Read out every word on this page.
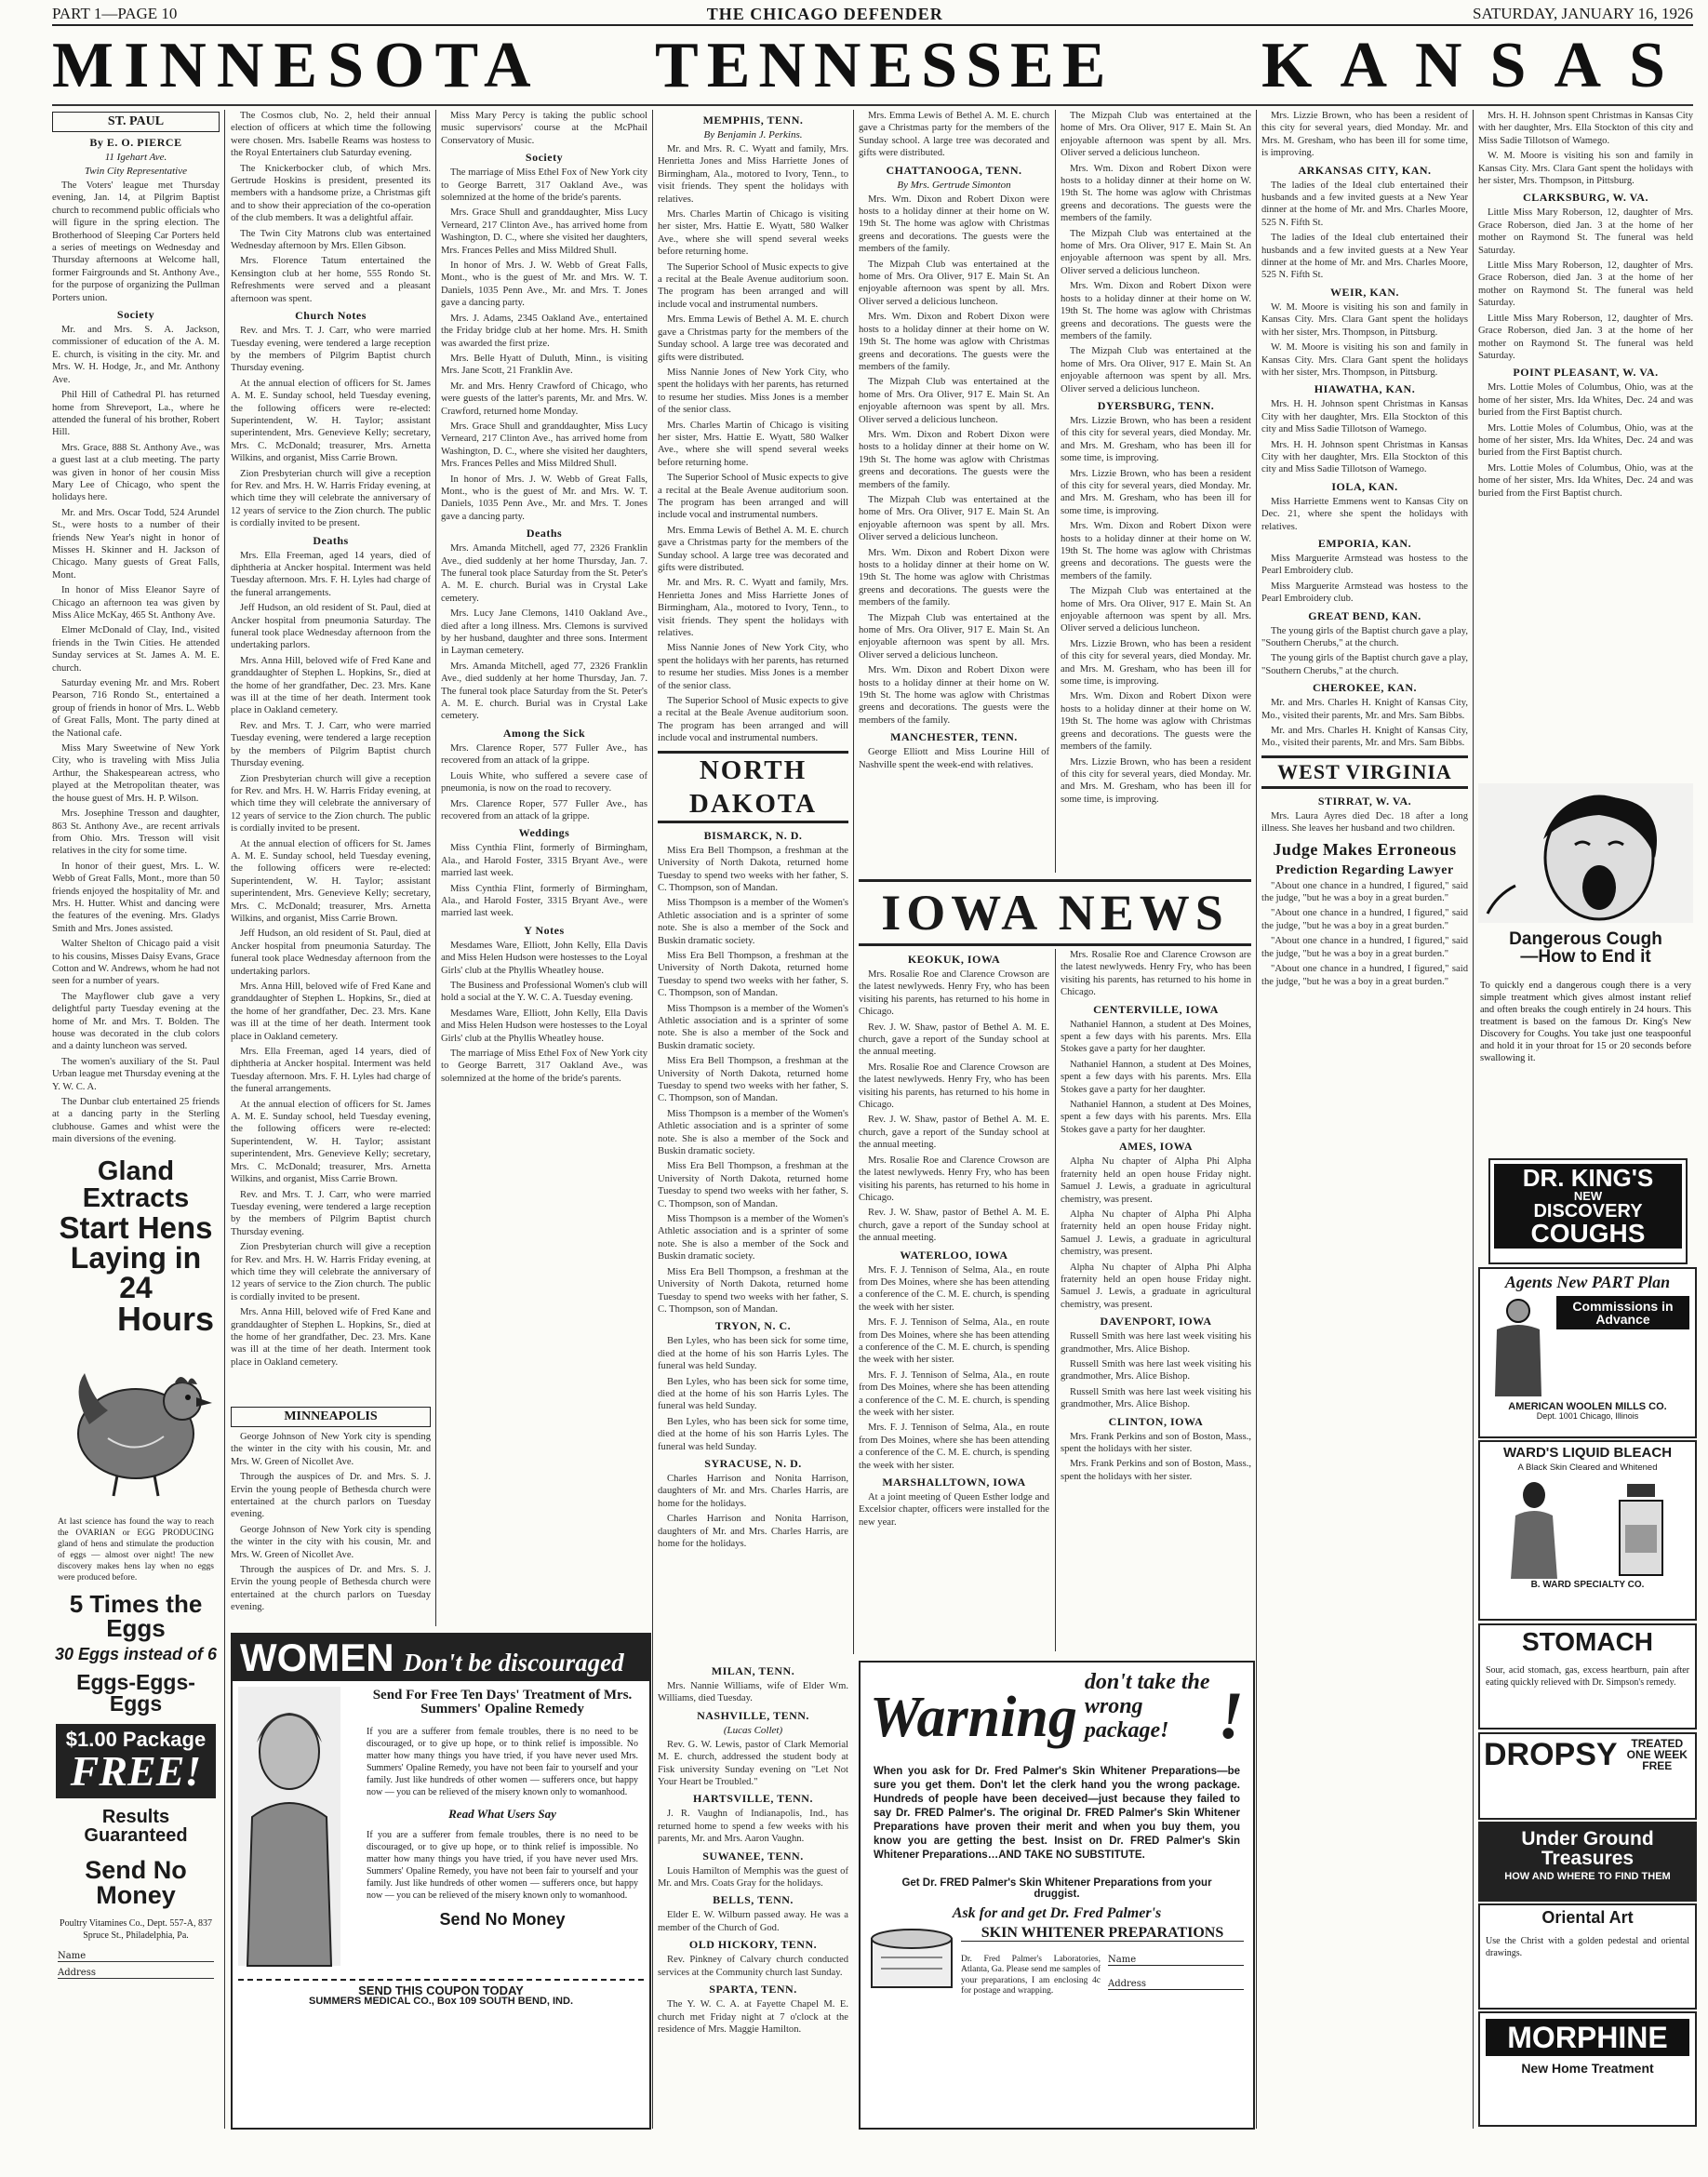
PART 1—PAGE 10	THE CHICAGO DEFENDER	SATURDAY, JANUARY 16, 1926
MINNESOTA TENNESSEE KANSAS
ST. PAUL
By E. O. PIERCE
11 Igehart Ave.
Twin City Representative

The Voters' league met Thursday evening, Jan. 14, at Pilgrim Baptist church to recommend public officials who will figure in the spring election. The Brotherhood of Sleeping Car Porters held a series of meetings on Wednesday and Thursday afternoons at Welcome hall, former Fairgrounds and St. Anthony Ave., for the purpose of organizing the Pullman Porters union.

Society

Mr. and Mrs. S. A. Jackson, commissioner of education of the A. M. E. church, is visiting in the city. Mr. and Mrs. W. H. Hodge, Jr., and Mr. Anthony Ave.

Phil Hill of Cathedral Pl. has returned home from Shreveport, La., where he attended the funeral of his brother, Robert Hill.

Mrs. Grace, 888 St. Anthony Ave., was a guest last at a club meeting. The party was given in honor of her cousin Miss Mary Lee of Chicago, who spent the holidays here.

Mr. and Mrs. Oscar Todd, 524 Arundel St., were hosts to a number of their friends New Year's night in honor of Misses H. Skinner and H. Jackson of Chicago. Many guests of Great Falls, Mont.

In honor of Miss Eleanor Sayre of Chicago an afternoon tea was given by Miss Alice McKay, 465 St. Anthony Ave.

Elmer McDonald of Clay, Ind., visited friends in the Twin Cities. He attended Sunday services at St. James A. M. E. church.

Saturday evening Mr. and Mrs. Robert Pearson, 716 Rondo St., entertained a group of friends in honor of Mrs. L. Webb of Great Falls, Mont. The party dined at the National cafe.

Miss Mary Sweetwine of New York City, who is traveling with Miss Julia Arthur, the Shakespearean actress, who played at the Metropolitan theater, was the house guest of Mrs. H. P. Wilson.

Mrs. Josephine Tresson and daughter, 863 St. Anthony Ave., are recent arrivals from Ohio. Mrs. Tresson will visit relatives in the city for some time.

In honor of their guest, Mrs. L. W. Webb of Great Falls, Mont., more than 50 friends enjoyed the hospitality of Mr. and Mrs. H. Hutter. Whist and dancing were the features of the evening. Mrs. Gladys Smith and Mrs. Jones assisted.

Walter Shelton of Chicago paid a visit to his cousins, Misses Daisy Evans, Grace Cotton and W. Andrews, whom he had not seen for a number of years.

The Mayflower club gave a very delightful party Tuesday evening at the home of Mr. and Mrs. T. Bolden. The house was decorated in the club colors and a dainty luncheon was served.

The women's auxiliary of the St. Paul Urban league met Thursday evening at the Y. W. C. A.

The Dunbar club entertained 25 friends at a dancing party in the Sterling clubhouse. Games and whist were the main diversions of the evening.

Gland Extracts
Start Hens
Laying in 24
Hours

At last science has found the way to reach the OVARIAN or EGG PRODUCING gland of hens and stimulate the production of eggs — almost over night! The new discovery makes hens lay when no eggs were produced before.

5 Times the Eggs
30 Eggs instead of 6
Eggs-Eggs-Eggs
$1.00 Package
FREE!
Results Guaranteed
Send No Money

Poultry Vitamines Co., Dept. 557-A, 837 Spruce St., Philadelphia, Pa.

Name
Address

The Cosmos club, No. 2, held their annual election of officers at which time the following were chosen. Mrs. Isabelle Reams was hostess to the Royal Entertainers club Saturday evening.

The Knickerbocker club, of which Mrs. Gertrude Hoskins is president, presented its members with a handsome prize, a Christmas gift and to show their appreciation of the co-operation of the club members. It was a delightful affair.

The Twin City Matrons club was entertained Wednesday afternoon by Mrs. Ellen Gibson.

Mrs. Florence Tatum entertained the Kensington club at her home, 555 Rondo St. Refreshments were served and a pleasant afternoon was spent.

Church Notes

Rev. and Mrs. T. J. Carr, who were married Tuesday evening, were tendered a large reception by the members of Pilgrim Baptist church Thursday evening.

At the annual election of officers for St. James A. M. E. Sunday school, held Tuesday evening, the following officers were re-elected: Superintendent, W. H. Taylor; assistant superintendent, Mrs. Genevieve Kelly; secretary, Mrs. C. McDonald; treasurer, Mrs. Arnetta Wilkins, and organist, Miss Carrie Brown.

Zion Presbyterian church will give a reception for Rev. and Mrs. H. W. Harris Friday evening, at which time they will celebrate the anniversary of 12 years of service to the Zion church. The public is cordially invited to be present.

Deaths

Mrs. Ella Freeman, aged 14 years, died of diphtheria at Ancker hospital. Interment was held Tuesday afternoon. Mrs. F. H. Lyles had charge of the funeral arrangements.

Jeff Hudson, an old resident of St. Paul, died at Ancker hospital from pneumonia Saturday. The funeral took place Wednesday afternoon from the undertaking parlors.

Mrs. Anna Hill, beloved wife of Fred Kane and granddaughter of Stephen L. Hopkins, Sr., died at the home of her grandfather, Dec. 23. Mrs. Kane was ill at the time of her death. Interment took place in Oakland cemetery.

Rev. and Mrs. T. J. Carr, who were married Tuesday evening, were tendered a large reception by the members of Pilgrim Baptist church Thursday evening.

Zion Presbyterian church will give a reception for Rev. and Mrs. H. W. Harris Friday evening, at which time they will celebrate the anniversary of 12 years of service to the Zion church. The public is cordially invited to be present.

At the annual election of officers for St. James A. M. E. Sunday school, held Tuesday evening, the following officers were re-elected: Superintendent, W. H. Taylor; assistant superintendent, Mrs. Genevieve Kelly; secretary, Mrs. C. McDonald; treasurer, Mrs. Arnetta Wilkins, and organist, Miss Carrie Brown.

Jeff Hudson, an old resident of St. Paul, died at Ancker hospital from pneumonia Saturday. The funeral took place Wednesday afternoon from the undertaking parlors.

Mrs. Anna Hill, beloved wife of Fred Kane and granddaughter of Stephen L. Hopkins, Sr., died at the home of her grandfather, Dec. 23. Mrs. Kane was ill at the time of her death. Interment took place in Oakland cemetery.

Mrs. Ella Freeman, aged 14 years, died of diphtheria at Ancker hospital. Interment was held Tuesday afternoon. Mrs. F. H. Lyles had charge of the funeral arrangements.

At the annual election of officers for St. James A. M. E. Sunday school, held Tuesday evening, the following officers were re-elected: Superintendent, W. H. Taylor; assistant superintendent, Mrs. Genevieve Kelly; secretary, Mrs. C. McDonald; treasurer, Mrs. Arnetta Wilkins, and organist, Miss Carrie Brown.

Rev. and Mrs. T. J. Carr, who were married Tuesday evening, were tendered a large reception by the members of Pilgrim Baptist church Thursday evening.

Zion Presbyterian church will give a reception for Rev. and Mrs. H. W. Harris Friday evening, at which time they will celebrate the anniversary of 12 years of service to the Zion church. The public is cordially invited to be present.

Mrs. Anna Hill, beloved wife of Fred Kane and granddaughter of Stephen L. Hopkins, Sr., died at the home of her grandfather, Dec. 23. Mrs. Kane was ill at the time of her death. Interment took place in Oakland cemetery.

MINNEAPOLIS

George Johnson of New York city is spending the winter in the city with his cousin, Mr. and Mrs. W. Green of Nicollet Ave.

Through the auspices of Dr. and Mrs. S. J. Ervin the young people of Bethesda church were entertained at the church parlors on Tuesday evening.

George Johnson of New York city is spending the winter in the city with his cousin, Mr. and Mrs. W. Green of Nicollet Ave.

Through the auspices of Dr. and Mrs. S. J. Ervin the young people of Bethesda church were entertained at the church parlors on Tuesday evening.

WOMEN Don't be discouraged
Send For Free Ten Days' Treatment of Mrs. Summers' Opaline Remedy

If you are a sufferer from female troubles, there is no need to be discouraged, or to give up hope, or to think relief is impossible. No matter how many things you have tried, if you have never used Mrs. Summers' Opaline Remedy, you have not been fair to yourself and your family. Just like hundreds of other women — sufferers once, but happy now — you can be relieved of the misery known only to womanhood.

Read What Users Say

If you are a sufferer from female troubles, there is no need to be discouraged, or to give up hope, or to think relief is impossible. No matter how many things you have tried, if you have never used Mrs. Summers' Opaline Remedy, you have not been fair to yourself and your family. Just like hundreds of other women — sufferers once, but happy now — you can be relieved of the misery known only to womanhood.

Send No Money
SEND THIS COUPON TODAY
SUMMERS MEDICAL CO., Box 109 SOUTH BEND, IND.

Miss Mary Percy is taking the public school music supervisors' course at the McPhail Conservatory of Music.

Society

The marriage of Miss Ethel Fox of New York city to George Barrett, 317 Oakland Ave., was solemnized at the home of the bride's parents.

Mrs. Grace Shull and granddaughter, Miss Lucy Verneard, 217 Clinton Ave., has arrived home from Washington, D. C., where she visited her daughters, Mrs. Frances Pelles and Miss Mildred Shull.

In honor of Mrs. J. W. Webb of Great Falls, Mont., who is the guest of Mr. and Mrs. W. T. Daniels, 1035 Penn Ave., Mr. and Mrs. T. Jones gave a dancing party.

Mrs. J. Adams, 2345 Oakland Ave., entertained the Friday bridge club at her home. Mrs. H. Smith was awarded the first prize.

Mrs. Belle Hyatt of Duluth, Minn., is visiting Mrs. Jane Scott, 21 Franklin Ave.

Mr. and Mrs. Henry Crawford of Chicago, who were guests of the latter's parents, Mr. and Mrs. W. Crawford, returned home Monday.

Mrs. Grace Shull and granddaughter, Miss Lucy Verneard, 217 Clinton Ave., has arrived home from Washington, D. C., where she visited her daughters, Mrs. Frances Pelles and Miss Mildred Shull.

In honor of Mrs. J. W. Webb of Great Falls, Mont., who is the guest of Mr. and Mrs. W. T. Daniels, 1035 Penn Ave., Mr. and Mrs. T. Jones gave a dancing party.

Deaths

Mrs. Amanda Mitchell, aged 77, 2326 Franklin Ave., died suddenly at her home Thursday, Jan. 7. The funeral took place Saturday from the St. Peter's A. M. E. church. Burial was in Crystal Lake cemetery.

Mrs. Lucy Jane Clemons, 1410 Oakland Ave., died after a long illness. Mrs. Clemons is survived by her husband, daughter and three sons. Interment in Layman cemetery.

Mrs. Amanda Mitchell, aged 77, 2326 Franklin Ave., died suddenly at her home Thursday, Jan. 7. The funeral took place Saturday from the St. Peter's A. M. E. church. Burial was in Crystal Lake cemetery.

Among the Sick

Mrs. Clarence Roper, 577 Fuller Ave., has recovered from an attack of la grippe.

Louis White, who suffered a severe case of pneumonia, is now on the road to recovery.

Mrs. Clarence Roper, 577 Fuller Ave., has recovered from an attack of la grippe.

Weddings

Miss Cynthia Flint, formerly of Birmingham, Ala., and Harold Foster, 3315 Bryant Ave., were married last week.

Miss Cynthia Flint, formerly of Birmingham, Ala., and Harold Foster, 3315 Bryant Ave., were married last week.

Y Notes

Mesdames Ware, Elliott, John Kelly, Ella Davis and Miss Helen Hudson were hostesses to the Loyal Girls' club at the Phyllis Wheatley house.

The Business and Professional Women's club will hold a social at the Y. W. C. A. Tuesday evening.

Mesdames Ware, Elliott, John Kelly, Ella Davis and Miss Helen Hudson were hostesses to the Loyal Girls' club at the Phyllis Wheatley house.

The marriage of Miss Ethel Fox of New York city to George Barrett, 317 Oakland Ave., was solemnized at the home of the bride's parents.

MEMPHIS, TENN.
By Benjamin J. Perkins.

Mr. and Mrs. R. C. Wyatt and family, Mrs. Henrietta Jones and Miss Harriette Jones of Birmingham, Ala., motored to Ivory, Tenn., to visit friends. They spent the holidays with relatives.

Mrs. Charles Martin of Chicago is visiting her sister, Mrs. Hattie E. Wyatt, 580 Walker Ave., where she will spend several weeks before returning home.

The Superior School of Music expects to give a recital at the Beale Avenue auditorium soon. The program has been arranged and will include vocal and instrumental numbers.

Mrs. Emma Lewis of Bethel A. M. E. church gave a Christmas party for the members of the Sunday school. A large tree was decorated and gifts were distributed.

Miss Nannie Jones of New York City, who spent the holidays with her parents, has returned to resume her studies. Miss Jones is a member of the senior class.

Mrs. Charles Martin of Chicago is visiting her sister, Mrs. Hattie E. Wyatt, 580 Walker Ave., where she will spend several weeks before returning home.

The Superior School of Music expects to give a recital at the Beale Avenue auditorium soon. The program has been arranged and will include vocal and instrumental numbers.

Mrs. Emma Lewis of Bethel A. M. E. church gave a Christmas party for the members of the Sunday school. A large tree was decorated and gifts were distributed.

Mr. and Mrs. R. C. Wyatt and family, Mrs. Henrietta Jones and Miss Harriette Jones of Birmingham, Ala., motored to Ivory, Tenn., to visit friends. They spent the holidays with relatives.

Miss Nannie Jones of New York City, who spent the holidays with her parents, has returned to resume her studies. Miss Jones is a member of the senior class.

The Superior School of Music expects to give a recital at the Beale Avenue auditorium soon. The program has been arranged and will include vocal and instrumental numbers.

NORTH DAKOTA
BISMARCK, N. D.

Miss Era Bell Thompson, a freshman at the University of North Dakota, returned home Tuesday to spend two weeks with her father, S. C. Thompson, son of Mandan.

Miss Thompson is a member of the Women's Athletic association and is a sprinter of some note. She is also a member of the Sock and Buskin dramatic society.

Miss Era Bell Thompson, a freshman at the University of North Dakota, returned home Tuesday to spend two weeks with her father, S. C. Thompson, son of Mandan.

Miss Thompson is a member of the Women's Athletic association and is a sprinter of some note. She is also a member of the Sock and Buskin dramatic society.

Miss Era Bell Thompson, a freshman at the University of North Dakota, returned home Tuesday to spend two weeks with her father, S. C. Thompson, son of Mandan.

Miss Thompson is a member of the Women's Athletic association and is a sprinter of some note. She is also a member of the Sock and Buskin dramatic society.

Miss Era Bell Thompson, a freshman at the University of North Dakota, returned home Tuesday to spend two weeks with her father, S. C. Thompson, son of Mandan.

Miss Thompson is a member of the Women's Athletic association and is a sprinter of some note. She is also a member of the Sock and Buskin dramatic society.

Miss Era Bell Thompson, a freshman at the University of North Dakota, returned home Tuesday to spend two weeks with her father, S. C. Thompson, son of Mandan.

TRYON, N. C.

Ben Lyles, who has been sick for some time, died at the home of his son Harris Lyles. The funeral was held Sunday.

Ben Lyles, who has been sick for some time, died at the home of his son Harris Lyles. The funeral was held Sunday.

Ben Lyles, who has been sick for some time, died at the home of his son Harris Lyles. The funeral was held Sunday.

SYRACUSE, N. D.

Charles Harrison and Nonita Harrison, daughters of Mr. and Mrs. Charles Harris, are home for the holidays.

Charles Harrison and Nonita Harrison, daughters of Mr. and Mrs. Charles Harris, are home for the holidays.

Mrs. Emma Lewis of Bethel A. M. E. church gave a Christmas party for the members of the Sunday school. A large tree was decorated and gifts were distributed.

CHATTANOOGA, TENN.
By Mrs. Gertrude Simonton

Mrs. Wm. Dixon and Robert Dixon were hosts to a holiday dinner at their home on W. 19th St. The home was aglow with Christmas greens and decorations. The guests were the members of the family.

The Mizpah Club was entertained at the home of Mrs. Ora Oliver, 917 E. Main St. An enjoyable afternoon was spent by all. Mrs. Oliver served a delicious luncheon.

Mrs. Wm. Dixon and Robert Dixon were hosts to a holiday dinner at their home on W. 19th St. The home was aglow with Christmas greens and decorations. The guests were the members of the family.

The Mizpah Club was entertained at the home of Mrs. Ora Oliver, 917 E. Main St. An enjoyable afternoon was spent by all. Mrs. Oliver served a delicious luncheon.

Mrs. Wm. Dixon and Robert Dixon were hosts to a holiday dinner at their home on W. 19th St. The home was aglow with Christmas greens and decorations. The guests were the members of the family.

The Mizpah Club was entertained at the home of Mrs. Ora Oliver, 917 E. Main St. An enjoyable afternoon was spent by all. Mrs. Oliver served a delicious luncheon.

Mrs. Wm. Dixon and Robert Dixon were hosts to a holiday dinner at their home on W. 19th St. The home was aglow with Christmas greens and decorations. The guests were the members of the family.

The Mizpah Club was entertained at the home of Mrs. Ora Oliver, 917 E. Main St. An enjoyable afternoon was spent by all. Mrs. Oliver served a delicious luncheon.

Mrs. Wm. Dixon and Robert Dixon were hosts to a holiday dinner at their home on W. 19th St. The home was aglow with Christmas greens and decorations. The guests were the members of the family.

MANCHESTER, TENN.

George Elliott and Miss Lourine Hill of Nashville spent the week-end with relatives.

The Mizpah Club was entertained at the home of Mrs. Ora Oliver, 917 E. Main St. An enjoyable afternoon was spent by all. Mrs. Oliver served a delicious luncheon.

Mrs. Wm. Dixon and Robert Dixon were hosts to a holiday dinner at their home on W. 19th St. The home was aglow with Christmas greens and decorations. The guests were the members of the family.

The Mizpah Club was entertained at the home of Mrs. Ora Oliver, 917 E. Main St. An enjoyable afternoon was spent by all. Mrs. Oliver served a delicious luncheon.

Mrs. Wm. Dixon and Robert Dixon were hosts to a holiday dinner at their home on W. 19th St. The home was aglow with Christmas greens and decorations. The guests were the members of the family.

The Mizpah Club was entertained at the home of Mrs. Ora Oliver, 917 E. Main St. An enjoyable afternoon was spent by all. Mrs. Oliver served a delicious luncheon.

DYERSBURG, TENN.

Mrs. Lizzie Brown, who has been a resident of this city for several years, died Monday. Mr. and Mrs. M. Gresham, who has been ill for some time, is improving.

Mrs. Lizzie Brown, who has been a resident of this city for several years, died Monday. Mr. and Mrs. M. Gresham, who has been ill for some time, is improving.

Mrs. Wm. Dixon and Robert Dixon were hosts to a holiday dinner at their home on W. 19th St. The home was aglow with Christmas greens and decorations. The guests were the members of the family.

The Mizpah Club was entertained at the home of Mrs. Ora Oliver, 917 E. Main St. An enjoyable afternoon was spent by all. Mrs. Oliver served a delicious luncheon.

Mrs. Lizzie Brown, who has been a resident of this city for several years, died Monday. Mr. and Mrs. M. Gresham, who has been ill for some time, is improving.

Mrs. Wm. Dixon and Robert Dixon were hosts to a holiday dinner at their home on W. 19th St. The home was aglow with Christmas greens and decorations. The guests were the members of the family.

Mrs. Lizzie Brown, who has been a resident of this city for several years, died Monday. Mr. and Mrs. M. Gresham, who has been ill for some time, is improving.

IOWA NEWS
KEOKUK, IOWA

Mrs. Rosalie Roe and Clarence Crowson are the latest newlyweds. Henry Fry, who has been visiting his parents, has returned to his home in Chicago.

Rev. J. W. Shaw, pastor of Bethel A. M. E. church, gave a report of the Sunday school at the annual meeting.

Mrs. Rosalie Roe and Clarence Crowson are the latest newlyweds. Henry Fry, who has been visiting his parents, has returned to his home in Chicago.

Rev. J. W. Shaw, pastor of Bethel A. M. E. church, gave a report of the Sunday school at the annual meeting.

Mrs. Rosalie Roe and Clarence Crowson are the latest newlyweds. Henry Fry, who has been visiting his parents, has returned to his home in Chicago.

Rev. J. W. Shaw, pastor of Bethel A. M. E. church, gave a report of the Sunday school at the annual meeting.

WATERLOO, IOWA

Mrs. F. J. Tennison of Selma, Ala., en route from Des Moines, where she has been attending a conference of the C. M. E. church, is spending the week with her sister.

Mrs. F. J. Tennison of Selma, Ala., en route from Des Moines, where she has been attending a conference of the C. M. E. church, is spending the week with her sister.

Mrs. F. J. Tennison of Selma, Ala., en route from Des Moines, where she has been attending a conference of the C. M. E. church, is spending the week with her sister.

Mrs. F. J. Tennison of Selma, Ala., en route from Des Moines, where she has been attending a conference of the C. M. E. church, is spending the week with her sister.

MARSHALLTOWN, IOWA

At a joint meeting of Queen Esther lodge and Excelsior chapter, officers were installed for the new year.

Mrs. Rosalie Roe and Clarence Crowson are the latest newlyweds. Henry Fry, who has been visiting his parents, has returned to his home in Chicago.

CENTERVILLE, IOWA

Nathaniel Hannon, a student at Des Moines, spent a few days with his parents. Mrs. Ella Stokes gave a party for her daughter.

Nathaniel Hannon, a student at Des Moines, spent a few days with his parents. Mrs. Ella Stokes gave a party for her daughter.

Nathaniel Hannon, a student at Des Moines, spent a few days with his parents. Mrs. Ella Stokes gave a party for her daughter.

AMES, IOWA

Alpha Nu chapter of Alpha Phi Alpha fraternity held an open house Friday night. Samuel J. Lewis, a graduate in agricultural chemistry, was present.

Alpha Nu chapter of Alpha Phi Alpha fraternity held an open house Friday night. Samuel J. Lewis, a graduate in agricultural chemistry, was present.

Alpha Nu chapter of Alpha Phi Alpha fraternity held an open house Friday night. Samuel J. Lewis, a graduate in agricultural chemistry, was present.

DAVENPORT, IOWA

Russell Smith was here last week visiting his grandmother, Mrs. Alice Bishop.

Russell Smith was here last week visiting his grandmother, Mrs. Alice Bishop.

Russell Smith was here last week visiting his grandmother, Mrs. Alice Bishop.

CLINTON, IOWA

Mrs. Frank Perkins and son of Boston, Mass., spent the holidays with her sister.

Mrs. Frank Perkins and son of Boston, Mass., spent the holidays with her sister.

Warning
don't take the
wrong package! !

When you ask for Dr. Fred Palmer's Skin Whitener Preparations—be sure you get them. Don't let the clerk hand you the wrong package. Hundreds of people have been deceived—just because they failed to say Dr. FRED Palmer's. The original Dr. FRED Palmer's Skin Whitener Preparations have proven their merit and when you buy them, you know you are getting the best. Insist on Dr. FRED Palmer's Skin Whitener Preparations…AND TAKE NO SUBSTITUTE.

Get Dr. FRED Palmer's Skin Whitener Preparations from your druggist.
Ask for and get Dr. Fred Palmer's
SKIN WHITENER PREPARATIONS

Dr. Fred Palmer's Laboratories, Atlanta, Ga. Please send me samples of your preparations, I am enclosing 4c for postage and wrapping.

Name
Address
MILAN, TENN.

Mrs. Nannie Williams, wife of Elder Wm. Williams, died Tuesday.

NASHVILLE, TENN.
(Lucas Collet)

Rev. G. W. Lewis, pastor of Clark Memorial M. E. church, addressed the student body at Fisk university Sunday evening on "Let Not Your Heart be Troubled."

HARTSVILLE, TENN.

J. R. Vaughn of Indianapolis, Ind., has returned home to spend a few weeks with his parents, Mr. and Mrs. Aaron Vaughn.

SUWANEE, TENN.

Louis Hamilton of Memphis was the guest of Mr. and Mrs. Coats Gray for the holidays.

BELLS, TENN.

Elder E. W. Wilburn passed away. He was a member of the Church of God.

OLD HICKORY, TENN.

Rev. Pinkney of Calvary church conducted services at the Community church last Sunday.

SPARTA, TENN.

The Y. W. C. A. at Fayette Chapel M. E. church met Friday night at 7 o'clock at the residence of Mrs. Maggie Hamilton.

Mrs. Lizzie Brown, who has been a resident of this city for several years, died Monday. Mr. and Mrs. M. Gresham, who has been ill for some time, is improving.

ARKANSAS CITY, KAN.

The ladies of the Ideal club entertained their husbands and a few invited guests at a New Year dinner at the home of Mr. and Mrs. Charles Moore, 525 N. Fifth St.

The ladies of the Ideal club entertained their husbands and a few invited guests at a New Year dinner at the home of Mr. and Mrs. Charles Moore, 525 N. Fifth St.

WEIR, KAN.

W. M. Moore is visiting his son and family in Kansas City. Mrs. Clara Gant spent the holidays with her sister, Mrs. Thompson, in Pittsburg.

W. M. Moore is visiting his son and family in Kansas City. Mrs. Clara Gant spent the holidays with her sister, Mrs. Thompson, in Pittsburg.

HIAWATHA, KAN.

Mrs. H. H. Johnson spent Christmas in Kansas City with her daughter, Mrs. Ella Stockton of this city and Miss Sadie Tillotson of Wamego.

Mrs. H. H. Johnson spent Christmas in Kansas City with her daughter, Mrs. Ella Stockton of this city and Miss Sadie Tillotson of Wamego.

IOLA, KAN.

Miss Harriette Emmens went to Kansas City on Dec. 21, where she spent the holidays with relatives.

EMPORIA, KAN.

Miss Marguerite Armstead was hostess to the Pearl Embroidery club.

Miss Marguerite Armstead was hostess to the Pearl Embroidery club.

GREAT BEND, KAN.

The young girls of the Baptist church gave a play, "Southern Cherubs," at the church.

The young girls of the Baptist church gave a play, "Southern Cherubs," at the church.

CHEROKEE, KAN.

Mr. and Mrs. Charles H. Knight of Kansas City, Mo., visited their parents, Mr. and Mrs. Sam Bibbs.

Mr. and Mrs. Charles H. Knight of Kansas City, Mo., visited their parents, Mr. and Mrs. Sam Bibbs.

WEST VIRGINIA
STIRRAT, W. VA.

Mrs. Laura Ayres died Dec. 18 after a long illness. She leaves her husband and two children.

Judge Makes Erroneous
Prediction Regarding Lawyer

"About one chance in a hundred, I figured," said the judge, "but he was a boy in a great burden."

"About one chance in a hundred, I figured," said the judge, "but he was a boy in a great burden."

"About one chance in a hundred, I figured," said the judge, "but he was a boy in a great burden."

"About one chance in a hundred, I figured," said the judge, "but he was a boy in a great burden."

Mrs. H. H. Johnson spent Christmas in Kansas City with her daughter, Mrs. Ella Stockton of this city and Miss Sadie Tillotson of Wamego.

W. M. Moore is visiting his son and family in Kansas City. Mrs. Clara Gant spent the holidays with her sister, Mrs. Thompson, in Pittsburg.

CLARKSBURG, W. VA.

Little Miss Mary Roberson, 12, daughter of Mrs. Grace Roberson, died Jan. 3 at the home of her mother on Raymond St. The funeral was held Saturday.

Little Miss Mary Roberson, 12, daughter of Mrs. Grace Roberson, died Jan. 3 at the home of her mother on Raymond St. The funeral was held Saturday.

Little Miss Mary Roberson, 12, daughter of Mrs. Grace Roberson, died Jan. 3 at the home of her mother on Raymond St. The funeral was held Saturday.

POINT PLEASANT, W. VA.

Mrs. Lottie Moles of Columbus, Ohio, was at the home of her sister, Mrs. Ida Whites, Dec. 24 and was buried from the First Baptist church.

Mrs. Lottie Moles of Columbus, Ohio, was at the home of her sister, Mrs. Ida Whites, Dec. 24 and was buried from the First Baptist church.

Mrs. Lottie Moles of Columbus, Ohio, was at the home of her sister, Mrs. Ida Whites, Dec. 24 and was buried from the First Baptist church.

Dangerous Cough
—How to End it

To quickly end a dangerous cough there is a very simple treatment which gives almost instant relief and often breaks the cough entirely in 24 hours. This treatment is based on the famous Dr. King's New Discovery for Coughs. You take just one teaspoonful and hold it in your throat for 15 or 20 seconds before swallowing it.

DR. KING'S
NEW
DISCOVERY
COUGHS
Agents New PART Plan
Commissions in Advance
AMERICAN WOOLEN MILLS CO.
Dept. 1001 Chicago, Illinois
WARD'S LIQUID BLEACH
A Black Skin Cleared and Whitened
B. WARD SPECIALTY CO.
STOMACH

Sour, acid stomach, gas, excess heartburn, pain after eating quickly relieved with Dr. Simpson's remedy.

DROPSY	TREATED ONE WEEK FREE
Under Ground Treasures
HOW AND WHERE TO FIND THEM
Oriental Art

Use the Christ with a golden pedestal and oriental drawings.

MORPHINE
New Home Treatment
